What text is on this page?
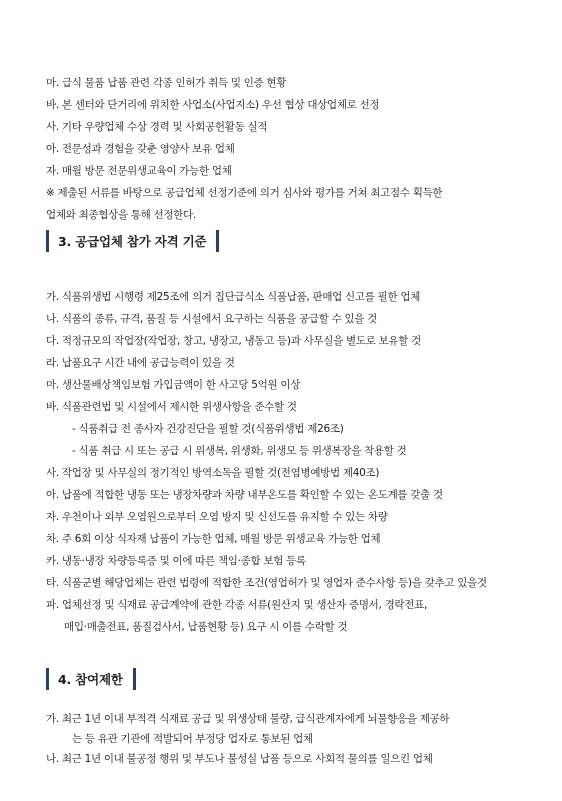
마. 급식 물품 납품 관련 각종 인허가 취득 및 인증 현황
바. 본 센터와 단거리에 위치한 사업소(사업지소) 우선 협상 대상업체로 선정
사. 기타 우량업체 수상 경력 및 사회공헌활동 실적
아. 전문성과 경험을 갖춘 영양사 보유 업체
자. 매월 방문 전문위생교육이 가능한 업체
※ 제출된 서류를 바탕으로 공급업체 선정기준에 의거 심사와 평가를 거쳐 최고점수 획득한
업체와 최종협상을 통해 선정한다.
3. 공급업체 참가 자격 기준
가. 식품위생법 시행령 제25조에 의거 집단급식소 식품납품, 판매업 신고를 필한 업체
나. 식품의 종류, 규격, 품질 등 시설에서 요구하는 식품을 공급할 수 있을 것
다. 적정규모의 작업장(작업장, 창고, 냉장고, 냉동고 등)과 사무실을 별도로 보유할 것
라. 납품요구 시간 내에 공급능력이 있을 것
마. 생산물배상책임보험 가입금액이 한 사고당 5억원 이상
바. 식품관련법 및 시설에서 제시한 위생사항을 준수할 것
- 식품취급 전 종사자 건강진단을 필할 것(식품위생법 제26조)
- 식품 취급 시 또는 공급 시 위생복, 위생화, 위생모 등 위생복장을 착용할 것
사. 작업장 및 사무실의 정기적인 방역소독을 필할 것(전염병예방법 제40조)
아. 납품에 적합한 냉동 또는 냉장차량과 차량 내부온도를 확인할 수 있는 온도계를 갖출 것
자. 우천이나 외부 오염원으로부터 오염 방지 및 신선도를 유지할 수 있는 차량
차. 주 6회 이상 식자재 납품이 가능한 업체, 매월 방문 위생교육 가능한 업체
카. 냉동·냉장 차량등록증 및 이에 따른 책임·종합 보험 등록
타. 식품군별 해당업체는 관련 법령에 적합한 조건(영업허가 및 영업자 준수사항 등)을 갖추고 있을것
파. 업체선정 및 식재료 공급계약에 관한 각종 서류(원산지 및 생산자 증명서, 경락전표,
매입·매출전표, 품질검사서, 납품현황 등) 요구 시 이를 수락할 것
4. 참여제한
가. 최근 1년 이내 부적격 식재료 공급 및 위생상태 불량, 급식관계자에게 뇌물향응을 제공하
는 등 유관 기관에 적발되어 부정당 업자로 통보된 업체
나. 최근 1년 이내 불공정 행위 및 부도나 불성실 납품 등으로 사회적 물의를 일으킨 업체
